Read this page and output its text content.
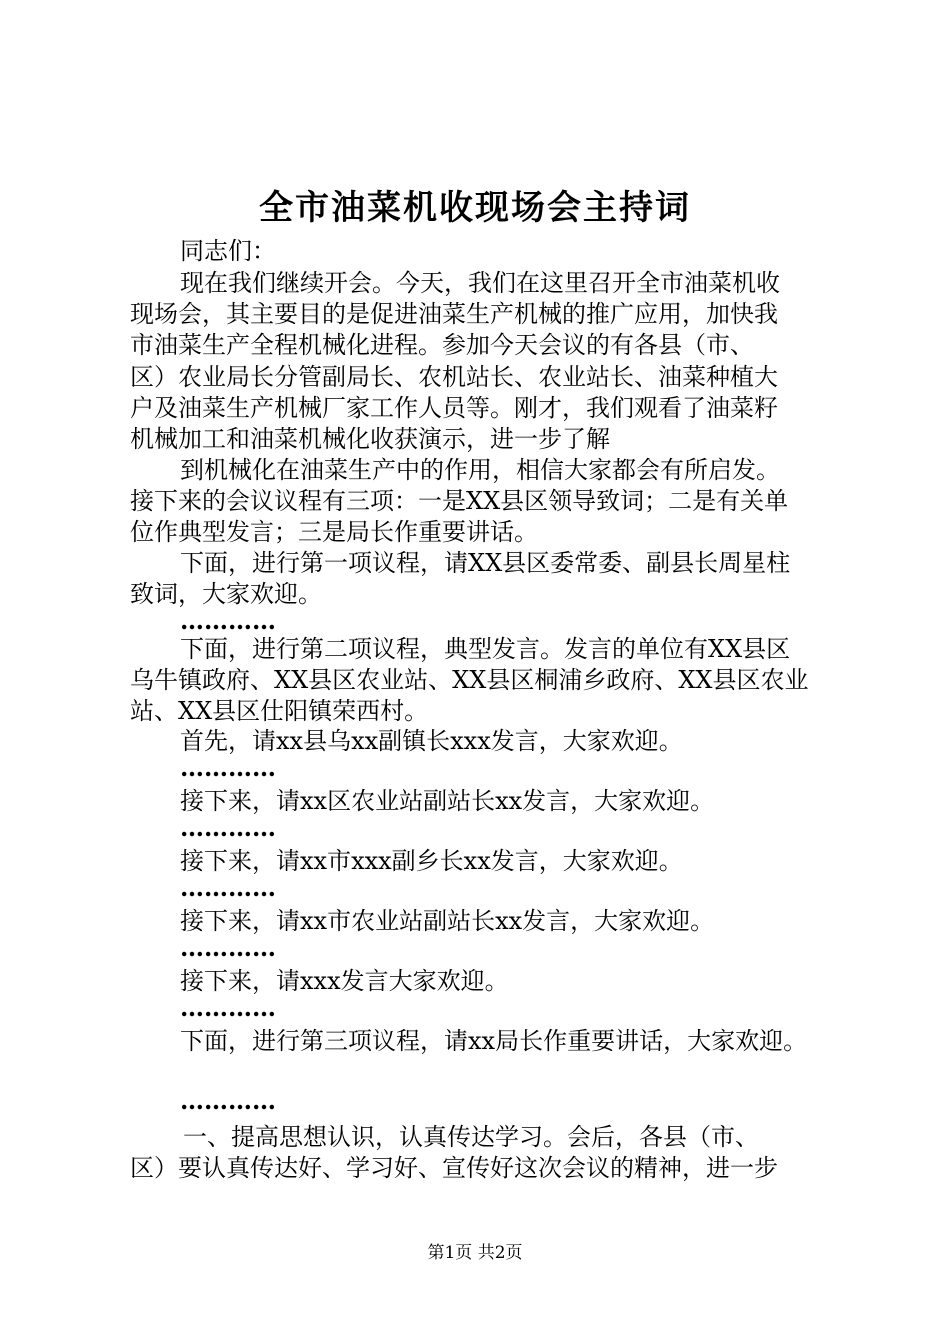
全市油菜机收现场会主持词
同志们：
现在我们继续开会。今天，我们在这里召开全市油菜机收
现场会，其主要目的是促进油菜生产机械的推广应用，加快我
市油菜生产全程机械化进程。参加今天会议的有各县（市、
区）农业局长分管副局长、农机站长、农业站长、油菜种植大
户及油菜生产机械厂家工作人员等。刚才，我们观看了油菜籽
机械加工和油菜机械化收获演示，进一步了解
到机械化在油菜生产中的作用，相信大家都会有所启发。
接下来的会议议程有三项：一是XX县区领导致词；二是有关单
位作典型发言；三是局长作重要讲话。
下面，进行第一项议程，请XX县区委常委、副县长周星柱
致词，大家欢迎。
…………
下面，进行第二项议程，典型发言。发言的单位有XX县区
乌牛镇政府、XX县区农业站、XX县区桐浦乡政府、XX县区农业
站、XX县区仕阳镇荣西村。
首先，请xx县乌xx副镇长xxx发言，大家欢迎。
…………
接下来，请xx区农业站副站长xx发言，大家欢迎。
…………
接下来，请xx市xxx副乡长xx发言，大家欢迎。
…………
接下来，请xx市农业站副站长xx发言，大家欢迎。
…………
接下来，请xxx发言大家欢迎。
…………
下面，进行第三项议程，请xx局长作重要讲话，大家欢迎。
…………
一、提高思想认识，认真传达学习。会后，各县（市、
区）要认真传达好、学习好、宣传好这次会议的精神，进一步
第1页 共2页
